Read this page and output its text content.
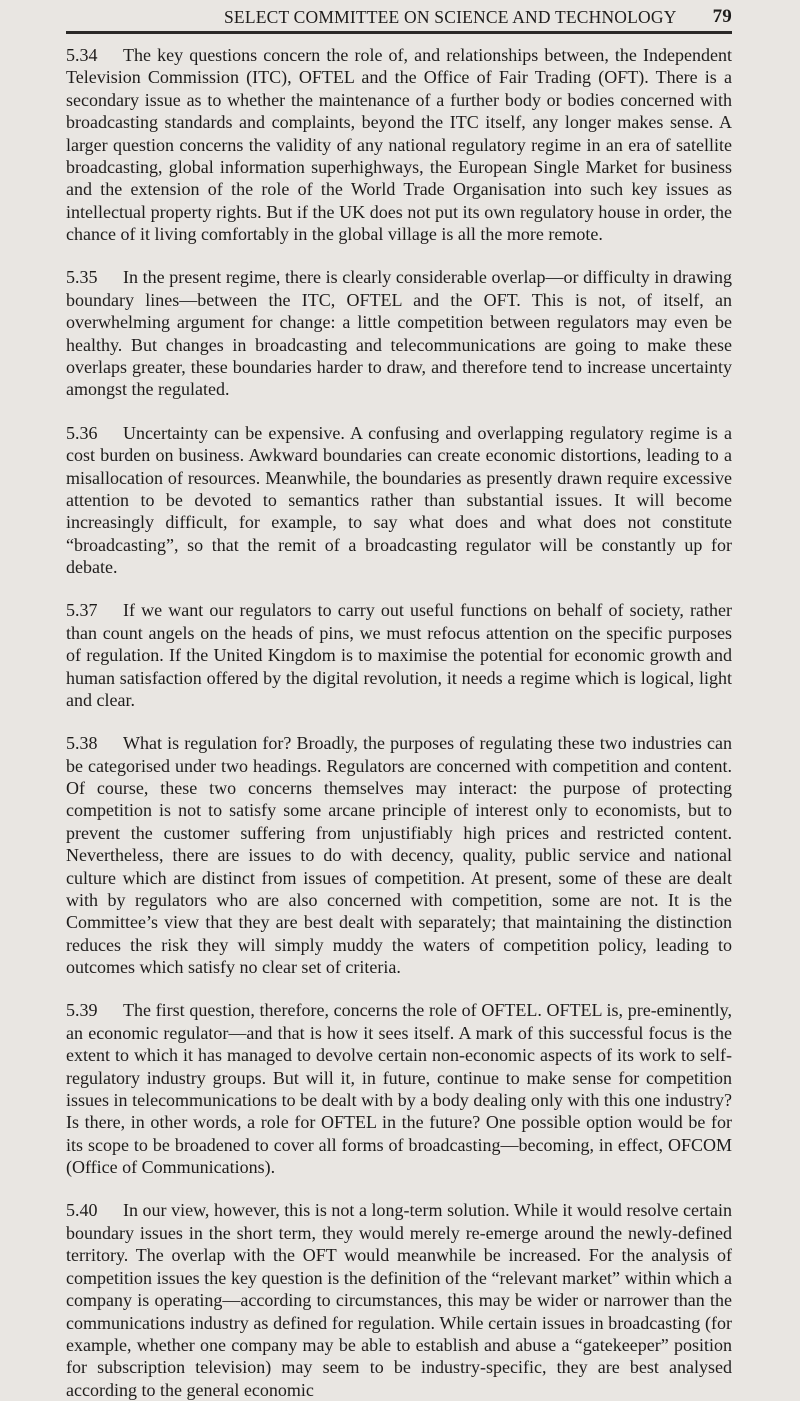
SELECT COMMITTEE ON SCIENCE AND TECHNOLOGY 79

5.34 The key questions concern the role of, and relationships between, the Independent Television Commission (ITC), OFTEL and the Office of Fair Trading (OFT). There is a secondary issue as to whether the maintenance of a further body or bodies concerned with broadcasting standards and complaints, beyond the ITC itself, any longer makes sense. A larger question concerns the validity of any national regulatory regime in an era of satellite broadcasting, global information superhighways, the European Single Market for business and the extension of the role of the World Trade Organisation into such key issues as intellectual property rights. But if the UK does not put its own regulatory house in order, the chance of it living comfortably in the global village is all the more remote.

5.35 In the present regime, there is clearly considerable overlap—or difficulty in drawing boundary lines—between the ITC, OFTEL and the OFT. This is not, of itself, an overwhelming argument for change: a little competition between regulators may even be healthy. But changes in broadcasting and telecommunications are going to make these overlaps greater, these boundaries harder to draw, and therefore tend to increase uncertainty amongst the regulated.

5.36 Uncertainty can be expensive. A confusing and overlapping regulatory regime is a cost burden on business. Awkward boundaries can create economic distortions, leading to a misallocation of resources. Meanwhile, the boundaries as presently drawn require excessive attention to be devoted to semantics rather than substantial issues. It will become increasingly difficult, for example, to say what does and what does not constitute “broadcasting”, so that the remit of a broadcasting regulator will be constantly up for debate.

5.37 If we want our regulators to carry out useful functions on behalf of society, rather than count angels on the heads of pins, we must refocus attention on the specific purposes of regulation. If the United Kingdom is to maximise the potential for economic growth and human satisfaction offered by the digital revolution, it needs a regime which is logical, light and clear.

5.38 What is regulation for? Broadly, the purposes of regulating these two industries can be categorised under two headings. Regulators are concerned with competition and content. Of course, these two concerns themselves may interact: the purpose of protecting competition is not to satisfy some arcane principle of interest only to economists, but to prevent the customer suffering from unjustifiably high prices and restricted content. Nevertheless, there are issues to do with decency, quality, public service and national culture which are distinct from issues of competition. At present, some of these are dealt with by regulators who are also concerned with competition, some are not. It is the Committee’s view that they are best dealt with separately; that maintaining the distinction reduces the risk they will simply muddy the waters of competition policy, leading to outcomes which satisfy no clear set of criteria.

5.39 The first question, therefore, concerns the role of OFTEL. OFTEL is, pre-eminently, an economic regulator—and that is how it sees itself. A mark of this successful focus is the extent to which it has managed to devolve certain non-economic aspects of its work to self-regulatory industry groups. But will it, in future, continue to make sense for competition issues in telecommunications to be dealt with by a body dealing only with this one industry? Is there, in other words, a role for OFTEL in the future? One possible option would be for its scope to be broadened to cover all forms of broadcasting—becoming, in effect, OFCOM (Office of Communications).

5.40 In our view, however, this is not a long-term solution. While it would resolve certain boundary issues in the short term, they would merely re-emerge around the newly-defined territory. The overlap with the OFT would meanwhile be increased. For the analysis of competition issues the key question is the definition of the “relevant market” within which a company is operating—according to circumstances, this may be wider or narrower than the communications industry as defined for regulation. While certain issues in broadcasting (for example, whether one company may be able to establish and abuse a “gatekeeper” position for subscription television) may seem to be industry-specific, they are best analysed according to the general economic
